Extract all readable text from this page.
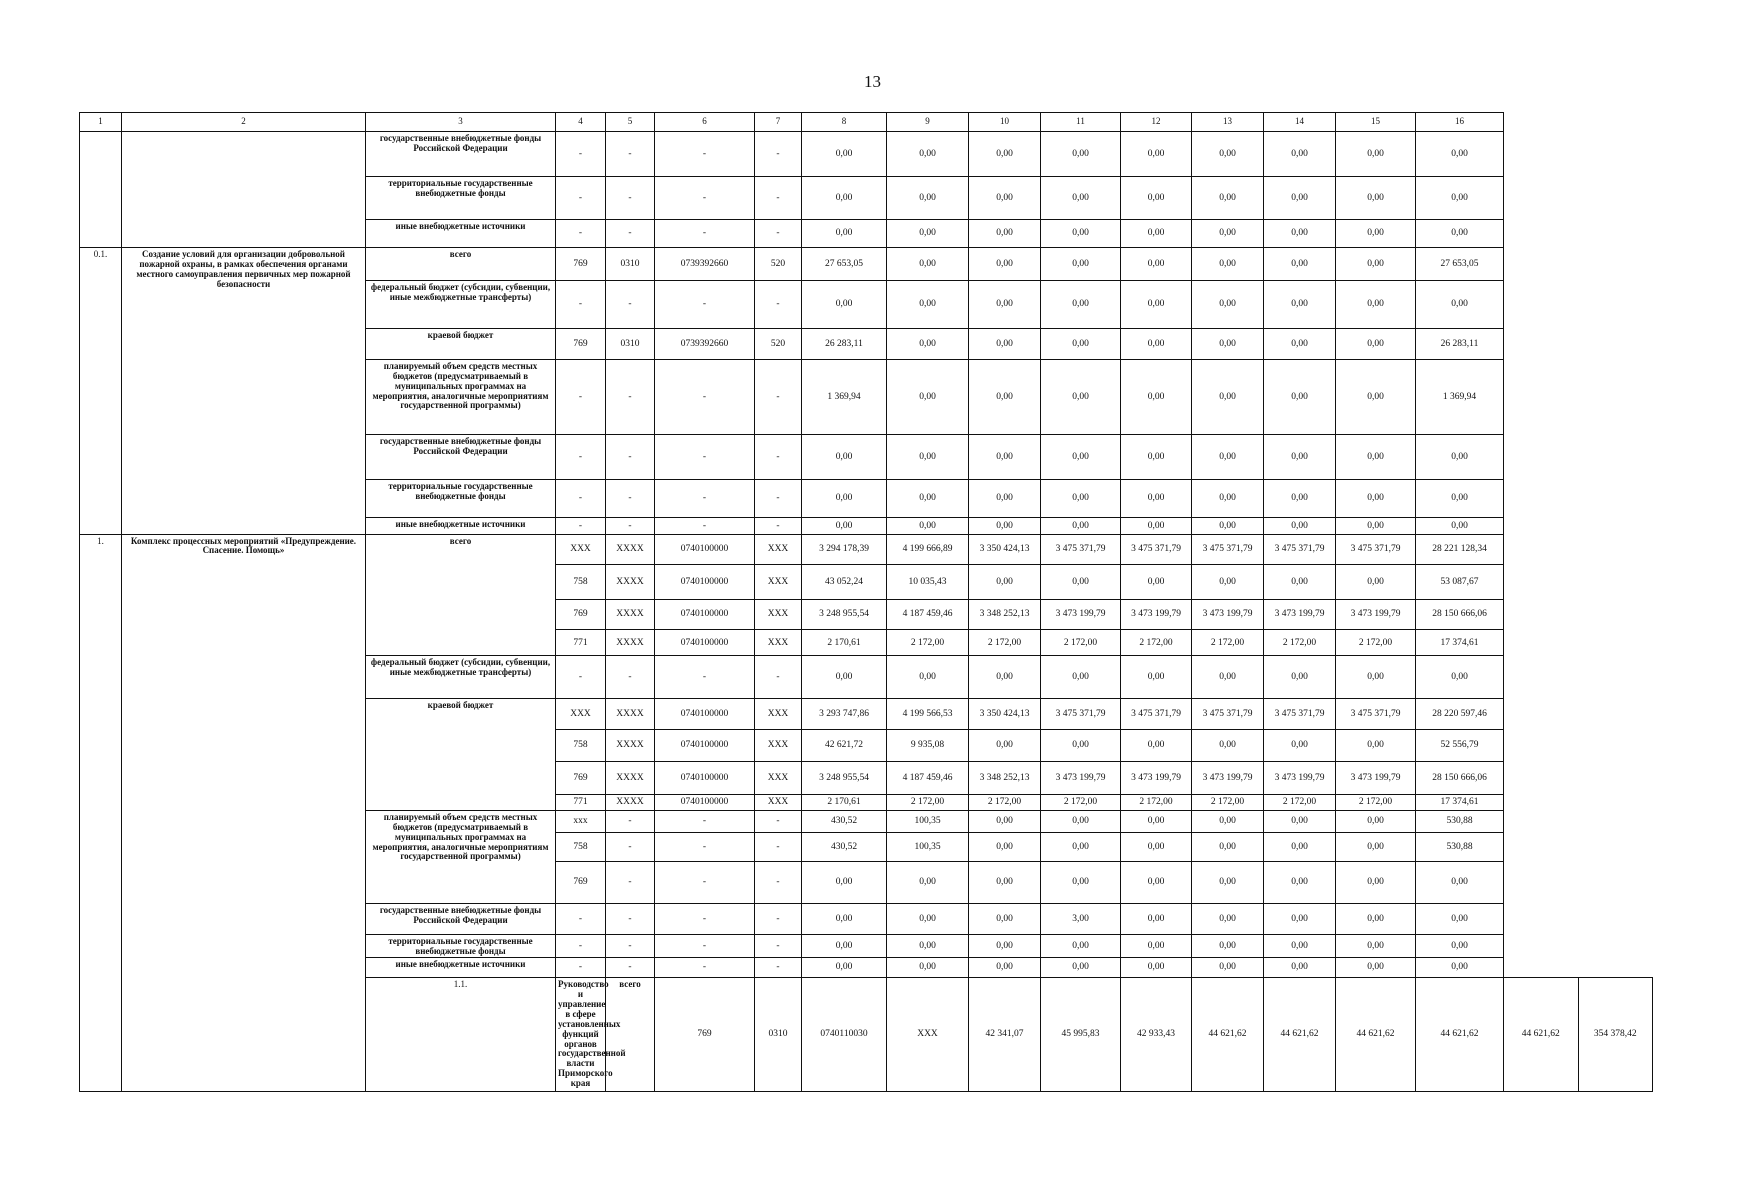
13
1	2	3	4	5	6	7	8	9	10	11	12	13	14	15	16		
		государственные внебюджетные фонды Российской Федерации	-	-	-	-	0,00	0,00	0,00	0,00	0,00	0,00	0,00	0,00	0,00		
		территориальные государственные внебюджетные фонды	-	-	-	-	0,00	0,00	0,00	0,00	0,00	0,00	0,00	0,00	0,00		
		иные внебюджетные источники	-	-	-	-	0,00	0,00	0,00	0,00	0,00	0,00	0,00	0,00	0,00		
0.1.	Создание условий для организации добровольной пожарной охраны, в рамках обеспечения органами местного самоуправления первичных мер пожарной безопасности	всего	769	0310	0739392660	520	27 653,05	0,00	0,00	0,00	0,00	0,00	0,00	0,00	27 653,05		
		федеральный бюджет (субсидии, субвенции, иные межбюджетные трансферты)	-	-	-	-	0,00	0,00	0,00	0,00	0,00	0,00	0,00	0,00	0,00		
		краевой бюджет	769	0310	0739392660	520	26 283,11	0,00	0,00	0,00	0,00	0,00	0,00	0,00	26 283,11		
		планируемый объем средств местных бюджетов (предусматриваемый в муниципальных программах на мероприятия, аналогичные мероприятиям государственной программы)	-	-	-	-	1 369,94	0,00	0,00	0,00	0,00	0,00	0,00	0,00	1 369,94		
		государственные внебюджетные фонды Российской Федерации	-	-	-	-	0,00	0,00	0,00	0,00	0,00	0,00	0,00	0,00	0,00		
		территориальные государственные внебюджетные фонды	-	-	-	-	0,00	0,00	0,00	0,00	0,00	0,00	0,00	0,00	0,00		
		иные внебюджетные источники	-	-	-	-	0,00	0,00	0,00	0,00	0,00	0,00	0,00	0,00	0,00		
1.	Комплекс процессных мероприятий «Предупреждение. Спасение. Помощь»	всего	ХХХ	ХХХХ	0740100000	ХХХ	3 294 178,39	4 199 666,89	3 350 424,13	3 475 371,79	3 475 371,79	3 475 371,79	3 475 371,79	3 475 371,79	28 221 128,34		
			758	ХХХХ	0740100000	ХХХ	43 052,24	10 035,43	0,00	0,00	0,00	0,00	0,00	0,00	53 087,67		
			769	ХХХХ	0740100000	ХХХ	3 248 955,54	4 187 459,46	3 348 252,13	3 473 199,79	3 473 199,79	3 473 199,79	3 473 199,79	3 473 199,79	28 150 666,06		
			771	ХХХХ	0740100000	ХХХ	2 170,61	2 172,00	2 172,00	2 172,00	2 172,00	2 172,00	2 172,00	2 172,00	17 374,61		
		федеральный бюджет (субсидии, субвенции, иные межбюджетные трансферты)	-	-	-	-	0,00	0,00	0,00	0,00	0,00	0,00	0,00	0,00	0,00		
		краевой бюджет	ХХХ	ХХХХ	0740100000	ХХХ	3 293 747,86	4 199 566,53	3 350 424,13	3 475 371,79	3 475 371,79	3 475 371,79	3 475 371,79	3 475 371,79	28 220 597,46		
			758	ХХХХ	0740100000	ХХХ	42 621,72	9 935,08	0,00	0,00	0,00	0,00	0,00	0,00	52 556,79		
			769	ХХХХ	0740100000	ХХХ	3 248 955,54	4 187 459,46	3 348 252,13	3 473 199,79	3 473 199,79	3 473 199,79	3 473 199,79	3 473 199,79	28 150 666,06		
			771	ХХХХ	0740100000	ХХХ	2 170,61	2 172,00	2 172,00	2 172,00	2 172,00	2 172,00	2 172,00	2 172,00	17 374,61		
		планируемый объем средств местных бюджетов (предусматриваемый в муниципальных программах на мероприятия, аналогичные мероприятиям государственной программы)	ххх	-	-	-	430,52	100,35	0,00	0,00	0,00	0,00	0,00	0,00	530,88		
			758	-	-	-	430,52	100,35	0,00	0,00	0,00	0,00	0,00	0,00	530,88		
			769	-	-	-	0,00	0,00	0,00	0,00	0,00	0,00	0,00	0,00	0,00		
		государственные внебюджетные фонды Российской Федерации	-	-	-	-	0,00	0,00	0,00	3,00	0,00	0,00	0,00	0,00	0,00		
		территориальные государственные внебюджетные фонды	-	-	-	-	0,00	0,00	0,00	0,00	0,00	0,00	0,00	0,00	0,00		
		иные внебюджетные источники	-	-	-	-	0,00	0,00	0,00	0,00	0,00	0,00	0,00	0,00	0,00		
		1.1.	Руководство и управление в сфере установленных функций органов государственной власти Приморского края	всего	769	0310	0740110030	ХХХ	42 341,07	45 995,83	42 933,43	44 621,62	44 621,62	44 621,62	44 621,62	44 621,62	354 378,42
